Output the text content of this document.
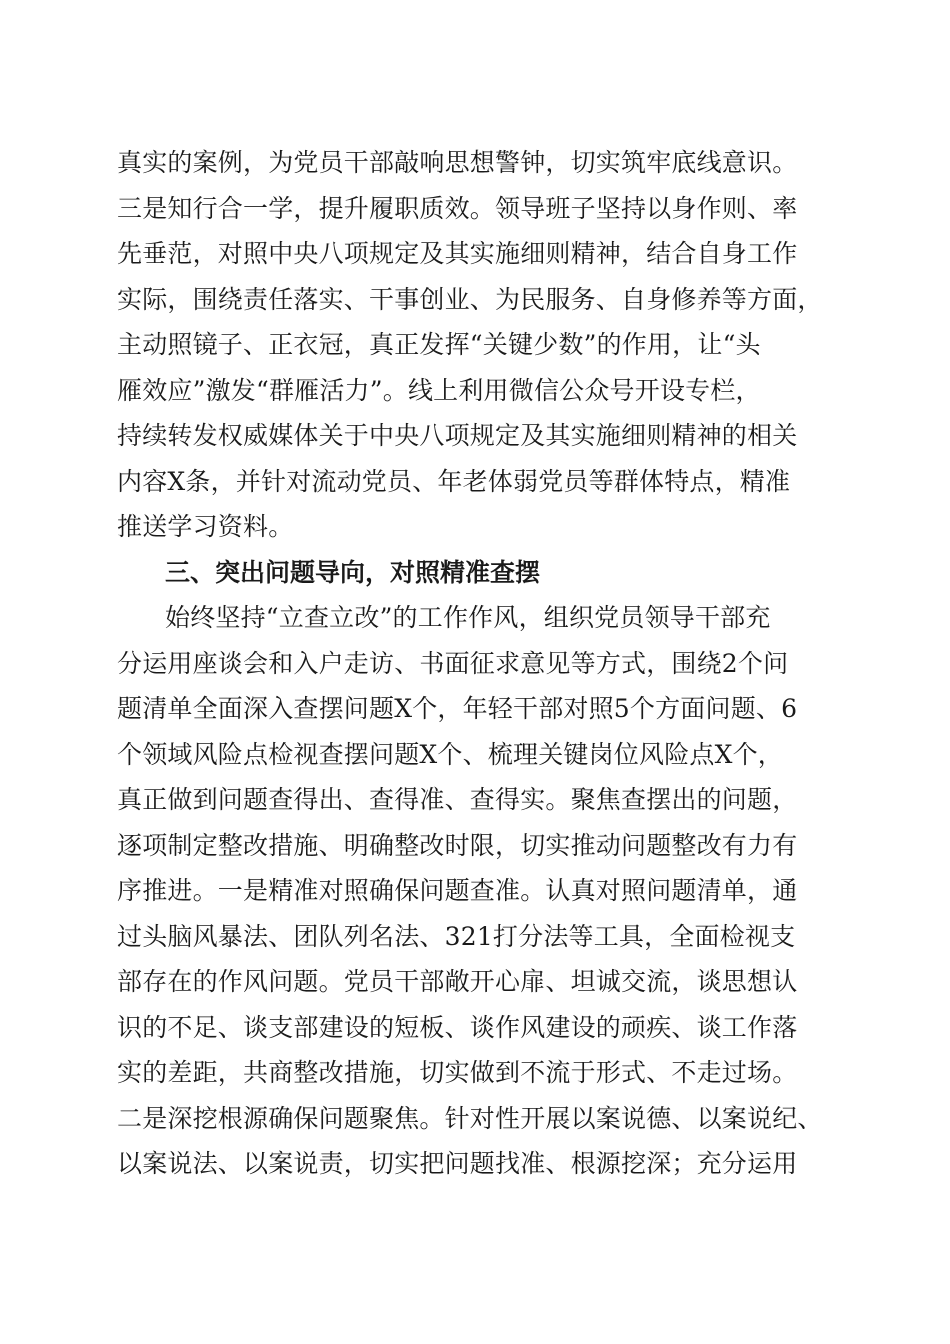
真实的案例，为党员干部敲响思想警钟，切实筑牢底线意识。
三是知行合一学，提升履职质效。领导班子坚持以身作则、率
先垂范，对照中央八项规定及其实施细则精神，结合自身工作
实际，围绕责任落实、干事创业、为民服务、自身修养等方面，
主动照镜子、正衣冠，真正发挥“关键少数”的作用，让“头
雁效应”激发“群雁活力”。线上利用微信公众号开设专栏，
持续转发权威媒体关于中央八项规定及其实施细则精神的相关
内容X条，并针对流动党员、年老体弱党员等群体特点，精准
推送学习资料。
三、突出问题导向，对照精准查摆
始终坚持“立查立改”的工作作风，组织党员领导干部充
分运用座谈会和入户走访、书面征求意见等方式，围绕2个问
题清单全面深入查摆问题X个，年轻干部对照5个方面问题、6
个领域风险点检视查摆问题X个、梳理关键岗位风险点X个，
真正做到问题查得出、查得准、查得实。聚焦查摆出的问题，
逐项制定整改措施、明确整改时限，切实推动问题整改有力有
序推进。一是精准对照确保问题查准。认真对照问题清单，通
过头脑风暴法、团队列名法、321打分法等工具，全面检视支
部存在的作风问题。党员干部敞开心扉、坦诚交流，谈思想认
识的不足、谈支部建设的短板、谈作风建设的顽疾、谈工作落
实的差距，共商整改措施，切实做到不流于形式、不走过场。
二是深挖根源确保问题聚焦。针对性开展以案说德、以案说纪、
以案说法、以案说责，切实把问题找准、根源挖深；充分运用
